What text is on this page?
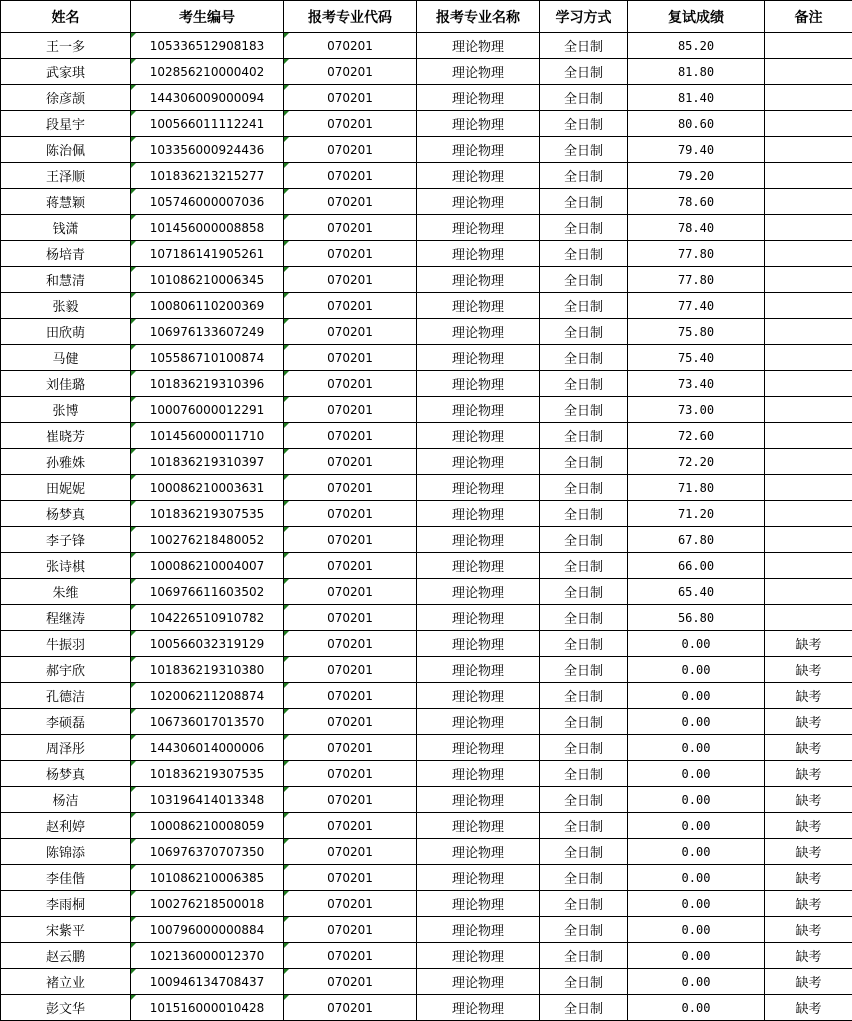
姓名	考生编号	报考专业代码	报考专业名称	学习方式	复试成绩	备注
王一多	105336512908183	070201	理论物理	全日制	85.20	
武家琪	102856210000402	070201	理论物理	全日制	81.80	
徐彦颉	144306009000094	070201	理论物理	全日制	81.40	
段星宇	100566011112241	070201	理论物理	全日制	80.60	
陈治佩	103356000924436	070201	理论物理	全日制	79.40	
王泽顺	101836213215277	070201	理论物理	全日制	79.20	
蒋慧颖	105746000007036	070201	理论物理	全日制	78.60	
钱潇	101456000008858	070201	理论物理	全日制	78.40	
杨培青	107186141905261	070201	理论物理	全日制	77.80	
和慧清	101086210006345	070201	理论物理	全日制	77.80	
张毅	100806110200369	070201	理论物理	全日制	77.40	
田欣萌	106976133607249	070201	理论物理	全日制	75.80	
马健	105586710100874	070201	理论物理	全日制	75.40	
刘佳璐	101836219310396	070201	理论物理	全日制	73.40	
张博	100076000012291	070201	理论物理	全日制	73.00	
崔晓芳	101456000011710	070201	理论物理	全日制	72.60	
孙雅姝	101836219310397	070201	理论物理	全日制	72.20	
田妮妮	100086210003631	070201	理论物理	全日制	71.80	
杨梦真	101836219307535	070201	理论物理	全日制	71.20	
李子锋	100276218480052	070201	理论物理	全日制	67.80	
张诗棋	100086210004007	070201	理论物理	全日制	66.00	
朱维	106976611603502	070201	理论物理	全日制	65.40	
程继涛	104226510910782	070201	理论物理	全日制	56.80	
牛振羽	100566032319129	070201	理论物理	全日制	0.00	缺考
郝宇欣	101836219310380	070201	理论物理	全日制	0.00	缺考
孔德洁	102006211208874	070201	理论物理	全日制	0.00	缺考
李硕磊	106736017013570	070201	理论物理	全日制	0.00	缺考
周泽彤	144306014000006	070201	理论物理	全日制	0.00	缺考
杨梦真	101836219307535	070201	理论物理	全日制	0.00	缺考
杨洁	103196414013348	070201	理论物理	全日制	0.00	缺考
赵利婷	100086210008059	070201	理论物理	全日制	0.00	缺考
陈锦添	106976370707350	070201	理论物理	全日制	0.00	缺考
李佳偕	101086210006385	070201	理论物理	全日制	0.00	缺考
李雨桐	100276218500018	070201	理论物理	全日制	0.00	缺考
宋紫平	100796000000884	070201	理论物理	全日制	0.00	缺考
赵云鹏	102136000012370	070201	理论物理	全日制	0.00	缺考
褚立业	100946134708437	070201	理论物理	全日制	0.00	缺考
彭文华	101516000010428	070201	理论物理	全日制	0.00	缺考
